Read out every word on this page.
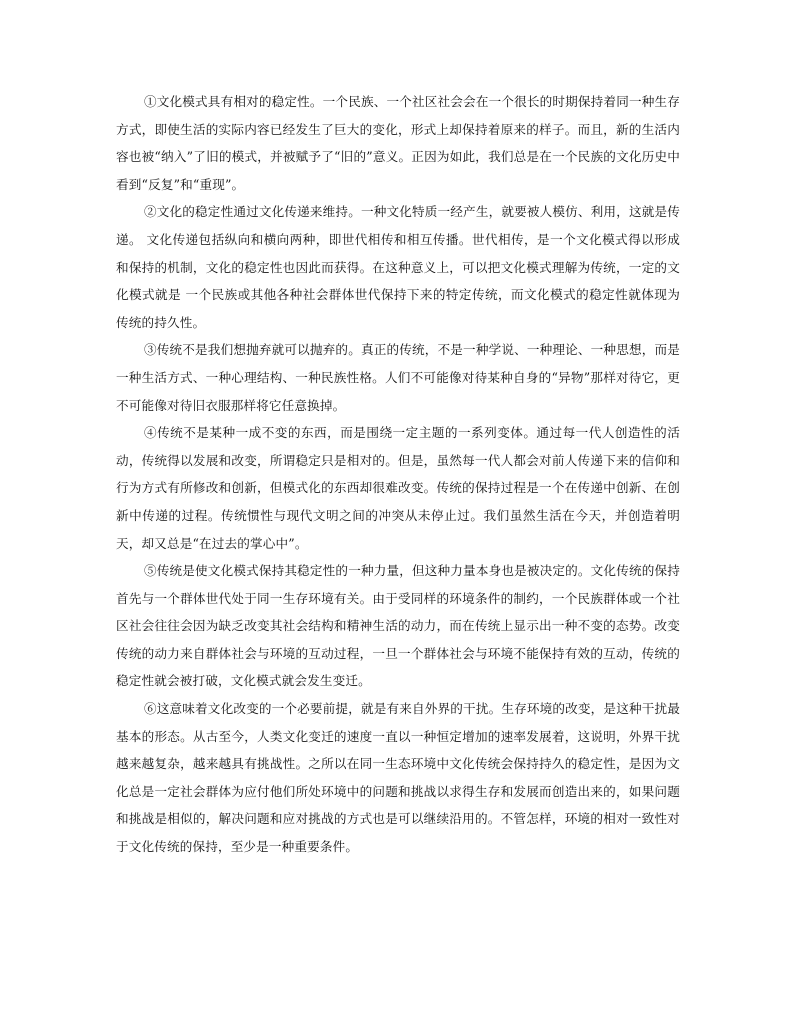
①文化模式具有相对的稳定性。一个民族、一个社区社会会在一个很长的时期保持着同一种生存方式，即使生活的实际内容已经发生了巨大的变化，形式上却保持着原来的样子。而且，新的生活内容也被“纳入”了旧的模式，并被赋予了“旧的”意义。正因为如此，我们总是在一个民族的文化历史中看到“反复”和“重现”。

②文化的稳定性通过文化传递来维持。一种文化特质一经产生，就要被人模仿、利用，这就是传递。 文化传递包括纵向和横向两种，即世代相传和相互传播。世代相传，是一个文化模式得以形成和保持的机制，文化的稳定性也因此而获得。在这种意义上，可以把文化模式理解为传统，一定的文化模式就是 一个民族或其他各种社会群体世代保持下来的特定传统，而文化模式的稳定性就体现为传统的持久性。

③传统不是我们想抛弃就可以抛弃的。真正的传统，不是一种学说、一种理论、一种思想，而是一种生活方式、一种心理结构、一种民族性格。人们不可能像对待某种自身的“异物”那样对待它，更不可能像对待旧衣服那样将它任意换掉。

④传统不是某种一成不变的东西，而是围绕一定主题的一系列变体。通过每一代人创造性的活动，传统得以发展和改变，所谓稳定只是相对的。但是，虽然每一代人都会对前人传递下来的信仰和行为方式有所修改和创新，但模式化的东西却很难改变。传统的保持过程是一个在传递中创新、在创新中传递的过程。传统惯性与现代文明之间的冲突从未停止过。我们虽然生活在今天，并创造着明天，却又总是“在过去的掌心中”。

⑤传统是使文化模式保持其稳定性的一种力量，但这种力量本身也是被决定的。文化传统的保持首先与一个群体世代处于同一生存环境有关。由于受同样的环境条件的制约，一个民族群体或一个社区社会往往会因为缺乏改变其社会结构和精神生活的动力，而在传统上显示出一种不变的态势。改变传统的动力来自群体社会与环境的互动过程，一旦一个群体社会与环境不能保持有效的互动，传统的稳定性就会被打破，文化模式就会发生变迁。

⑥这意味着文化改变的一个必要前提，就是有来自外界的干扰。生存环境的改变，是这种干扰最基本的形态。从古至今，人类文化变迁的速度一直以一种恒定增加的速率发展着，这说明，外界干扰越来越复杂，越来越具有挑战性。之所以在同一生态环境中文化传统会保持持久的稳定性，是因为文化总是一定社会群体为应付他们所处环境中的问题和挑战以求得生存和发展而创造出来的，如果问题和挑战是相似的，解决问题和应对挑战的方式也是可以继续沿用的。不管怎样，环境的相对一致性对于文化传统的保持，至少是一种重要条件。
